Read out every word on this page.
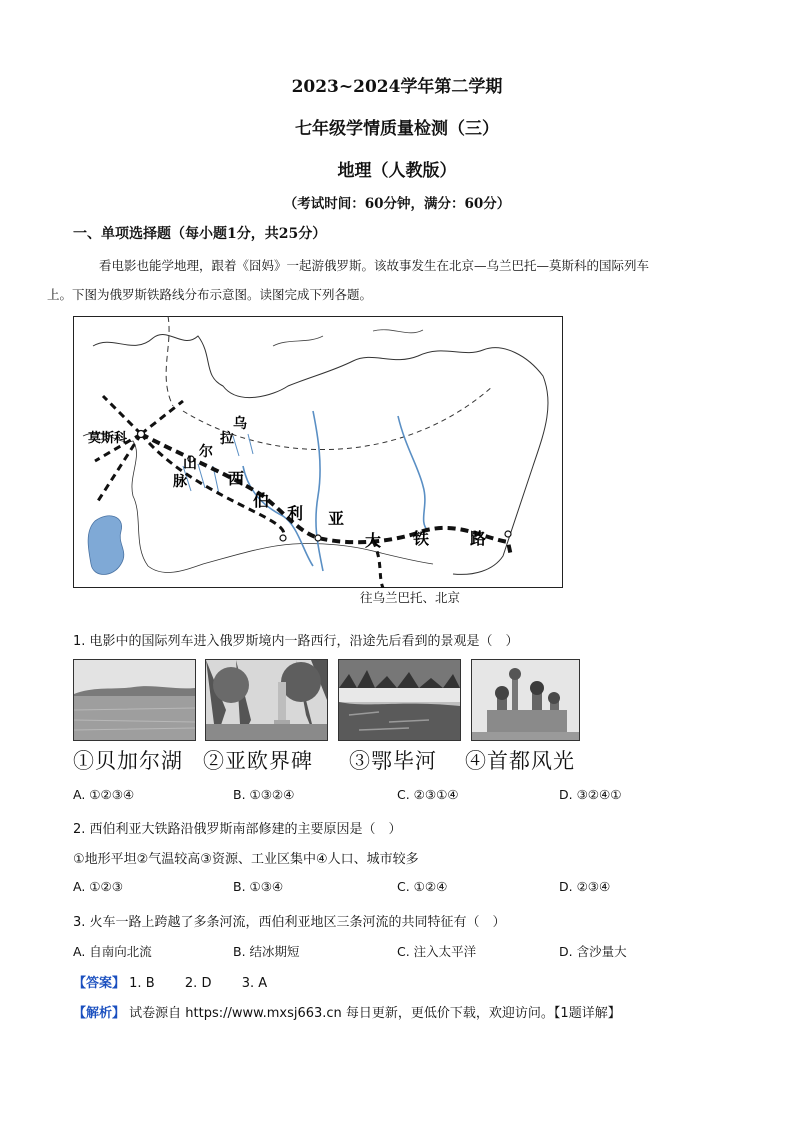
2023~2024学年第二学期
七年级学情质量检测（三）
地理（人教版）
（考试时间：60分钟，满分：60分）
一、单项选择题（每小题1分，共25分）
看电影也能学地理，跟着《囧妈》一起游俄罗斯。该故事发生在北京—乌兰巴托—莫斯科的国际列车
上。下图为俄罗斯铁路线分布示意图。读图完成下列各题。
莫斯科
乌
拉
尔
山
脉	西
伯
利 亚
大 铁	路
往乌兰巴托、北京
1. 电影中的国际列车进入俄罗斯境内一路西行，沿途先后看到的景观是（　）
①贝加尔湖 ②亚欧界碑 ③鄂毕河 ④首都风光
A. ①②③④	B. ①③②④	C. ②③①④	D. ③②④①
2. 西伯利亚大铁路沿俄罗斯南部修建的主要原因是（　）
①地形平坦②气温较高③资源、工业区集中④人口、城市较多
A. ①②③	B. ①③④	C. ①②④	D. ②③④
3. 火车一路上跨越了多条河流，西伯利亚地区三条河流的共同特征有（　）
A. 自南向北流	B. 结冰期短	C. 注入太平洋	D. 含沙量大
【答案】 1. B 2. D 3. A
【解析】 试卷源自 https://www.mxsj663.cn 每日更新，更低价下载，欢迎访问。【1题详解】
